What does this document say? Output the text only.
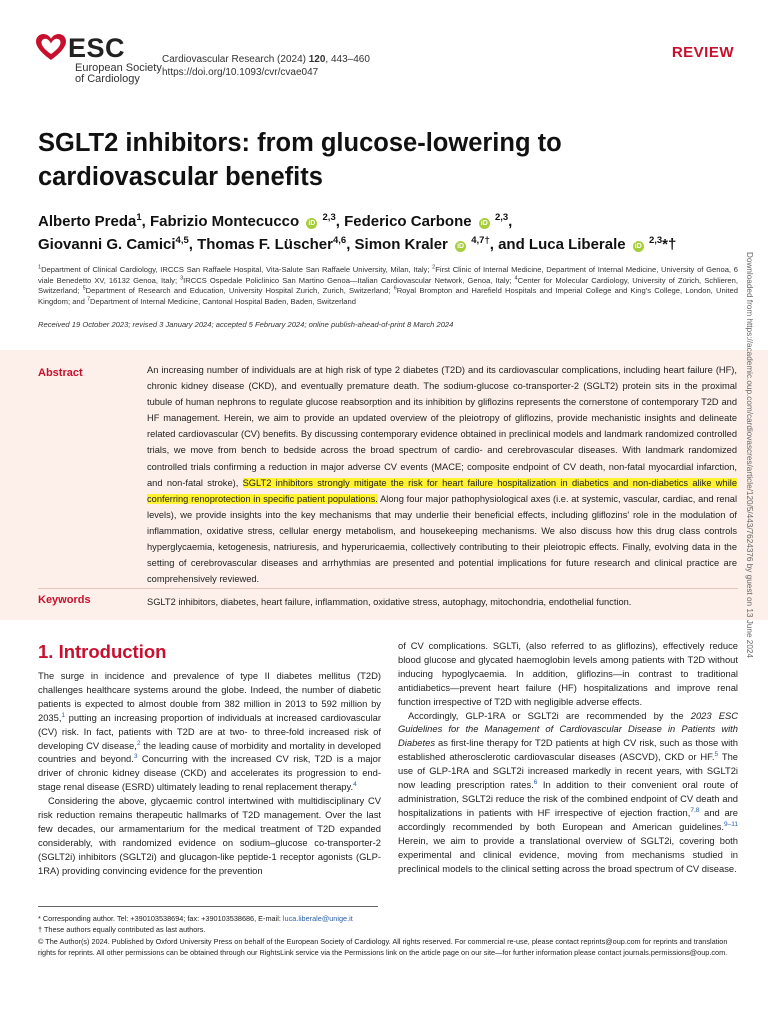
ESC
European Society
of Cardiology
Cardiovascular Research (2024) 120, 443–460
https://doi.org/10.1093/cvr/cvae047
REVIEW
SGLT2 inhibitors: from glucose-lowering to cardiovascular benefits
Alberto Preda$^1$, Fabrizio Montecucco iD $^{2,3}$, Federico Carbone iD $^{2,3}$,
Giovanni G. Camici$^{4,5}$, Thomas F. Lüscher$^{4,6}$, Simon Kraler iD $^{4,7\dagger}$, and Luca Liberale iD $^{2,3}$*†
$^1$Department of Clinical Cardiology, IRCCS San Raffaele Hospital, Vita-Salute San Raffaele University, Milan, Italy; $^2$First Clinic of Internal Medicine, Department of Internal Medicine, University of Genoa, 6 viale Benedetto XV, 16132 Genoa, Italy; $^3$IRCCS Ospedale Policlinico San Martino Genoa—Italian Cardiovascular Network, Genoa, Italy; $^4$Center for Molecular Cardiology, University of Zürich, Schlieren, Switzerland; $^5$Department of Research and Education, University Hospital Zurich, Zurich, Switzerland; $^6$Royal Brompton and Harefield Hospitals and Imperial College and King's College, London, United Kingdom; and $^7$Department of Internal Medicine, Cantonal Hospital Baden, Baden, Switzerland
Received 19 October 2023; revised 3 January 2024; accepted 5 February 2024; online publish-ahead-of-print 8 March 2024
Abstract	An increasing number of individuals are at high risk of type 2 diabetes (T2D) and its cardiovascular complications, including heart failure (HF), chronic kidney disease (CKD), and eventually premature death. The sodium-glucose co-transporter-2 (SGLT2) protein sits in the proximal tubule of human nephrons to regulate glucose reabsorption and its inhibition by gliflozins represents the cornerstone of contemporary T2D and HF management. Herein, we aim to provide an updated overview of the pleiotropy of gliflozins, provide mechanistic insights and delineate related cardiovascular (CV) benefits. By discussing contemporary evidence obtained in preclinical models and landmark randomized controlled trials, we move from bench to bedside across the broad spectrum of cardio- and cerebrovascular diseases. With landmark randomized controlled trials confirming a reduction in major adverse CV events (MACE; composite endpoint of CV death, non-fatal myocardial infarction, and non-fatal stroke), SGLT2 inhibitors strongly mitigate the risk for heart failure hospitalization in diabetics and non-diabetics alike while conferring renoprotection in specific patient populations. Along four major pathophysiological axes (i.e. at systemic, vascular, cardiac, and renal levels), we provide insights into the key mechanisms that may underlie their beneficial effects, including gliflozins' role in the modulation of inflammation, oxidative stress, cellular energy metabolism, and housekeeping mechanisms. We also discuss how this drug class controls hyperglycaemia, ketogenesis, natriuresis, and hyperuricaemia, collectively contributing to their pleiotropic effects. Finally, evolving data in the setting of cerebrovascular diseases and arrhythmias are presented and potential implications for future research and clinical practice are comprehensively reviewed.

Keywords	SGLT2 inhibitors, diabetes, heart failure, inflammation, oxidative stress, autophagy, mitochondria, endothelial function.
1. Introduction

The surge in incidence and prevalence of type II diabetes mellitus (T2D) challenges healthcare systems around the globe. Indeed, the number of diabetic patients is expected to almost double from 382 million in 2013 to 592 million by 2035,$^1$ putting an increasing proportion of individuals at increased cardiovascular (CV) risk. In fact, patients with T2D are at two- to three-fold increased risk of developing CV disease,$^2$ the leading cause of morbidity and mortality in developed countries and beyond.$^3$ Concurring with the increased CV risk, T2D is a major driver of chronic kidney disease (CKD) and accelerates its progression to end-stage renal disease (ESRD) ultimately leading to renal replacement therapy.$^4$

Considering the above, glycaemic control intertwined with multidisciplinary CV risk reduction remains therapeutic hallmarks of T2D management. Over the last few decades, our armamentarium for the medical treatment of T2D expanded considerably, with randomized evidence on sodium–glucose co-transporter-2 (SGLT2i) inhibitors (SGLT2i) and glucagon-like peptide-1 receptor agonists (GLP-1RA) providing convincing evidence for the prevention

of CV complications. SGLTi, (also referred to as gliflozins), effectively reduce blood glucose and glycated haemoglobin levels among patients with T2D without inducing hypoglycaemia. In addition, gliflozins—in contrast to traditional antidiabetics—prevent heart failure (HF) hospitalizations and improve renal function irrespective of T2D with negligible adverse effects.

Accordingly, GLP-1RA or SGLT2i are recommended by the 2023 ESC Guidelines for the Management of Cardiovascular Disease in Patients with Diabetes as first-line therapy for T2D patients at high CV risk, such as those with established atherosclerotic cardiovascular diseases (ASCVD), CKD or HF.$^5$ The use of GLP-1RA and SGLT2i increased markedly in recent years, with SGLT2i now leading prescription rates.$^6$ In addition to their convenient oral route of administration, SGLT2i reduce the risk of the combined endpoint of CV death and hospitalizations in patients with HF irrespective of ejection fraction,$^{7,8}$ and are accordingly recommended by both European and American guidelines.$^{9-11}$ Herein, we aim to provide a translational overview of SGLT2i, covering both experimental and clinical evidence, moving from mechanisms studied in preclinical models to the clinical setting across the broad spectrum of CV disease.

* Corresponding author. Tel: +390103538694; fax: +390103538686, E-mail: luca.liberale@unige.it

† These authors equally contributed as last authors.

© The Author(s) 2024. Published by Oxford University Press on behalf of the European Society of Cardiology. All rights reserved. For commercial re-use, please contact reprints@oup.com for reprints and translation rights for reprints. All other permissions can be obtained through our RightsLink service via the Permissions link on the article page on our site—for further information please contact journals.permissions@oup.com.

Downloaded from https://academic.oup.com/cardiovascres/article/120/5/443/7624376 by guest on 13 June 2024
